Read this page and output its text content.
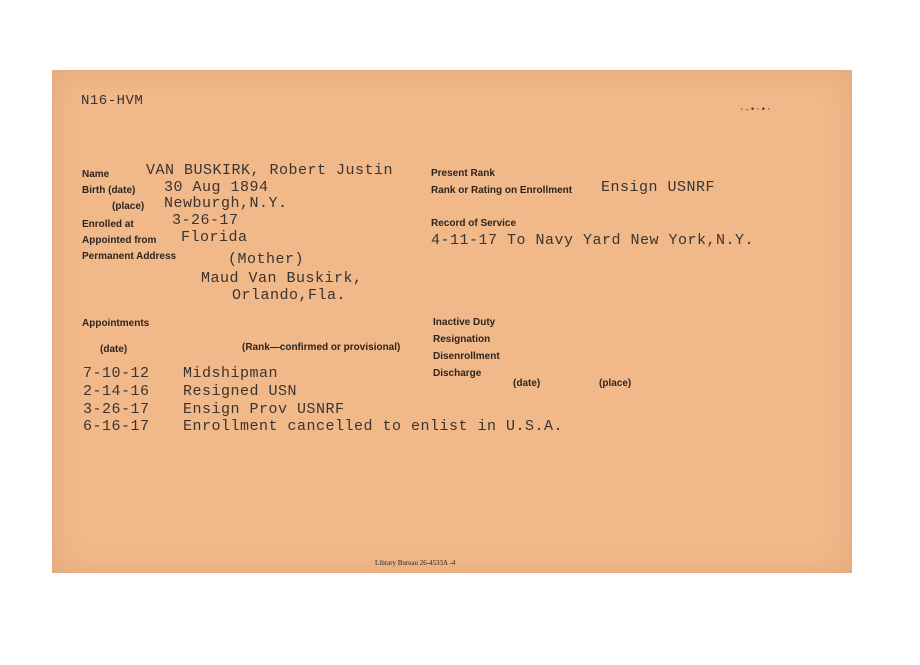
N16-HVM
·-•·•·
Name VAN BUSKIRK, Robert Justin
Birth (date) 30 Aug 1894
(place) Newburgh,N.Y.
Enrolled at	3-26-17
Appointed from Florida
Permanent Address	(Mother)
Maud Van Buskirk,
Orlando,Fla.
Present Rank
Rank or Rating on Enrollment Ensign USNRF
Record of Service
4-11-17 To Navy Yard New York,N.Y.
Appointments
(date)	(Rank—confirmed or provisional)
Inactive Duty
Resignation
Disenrollment
Discharge
(date)	(place)
7-10-12 Midshipman
2-14-16 Resigned USN
3-26-17 Ensign Prov USNRF
6-16-17 Enrollment cancelled to enlist in U.S.A.
Library Bureau 26-4533A -4
